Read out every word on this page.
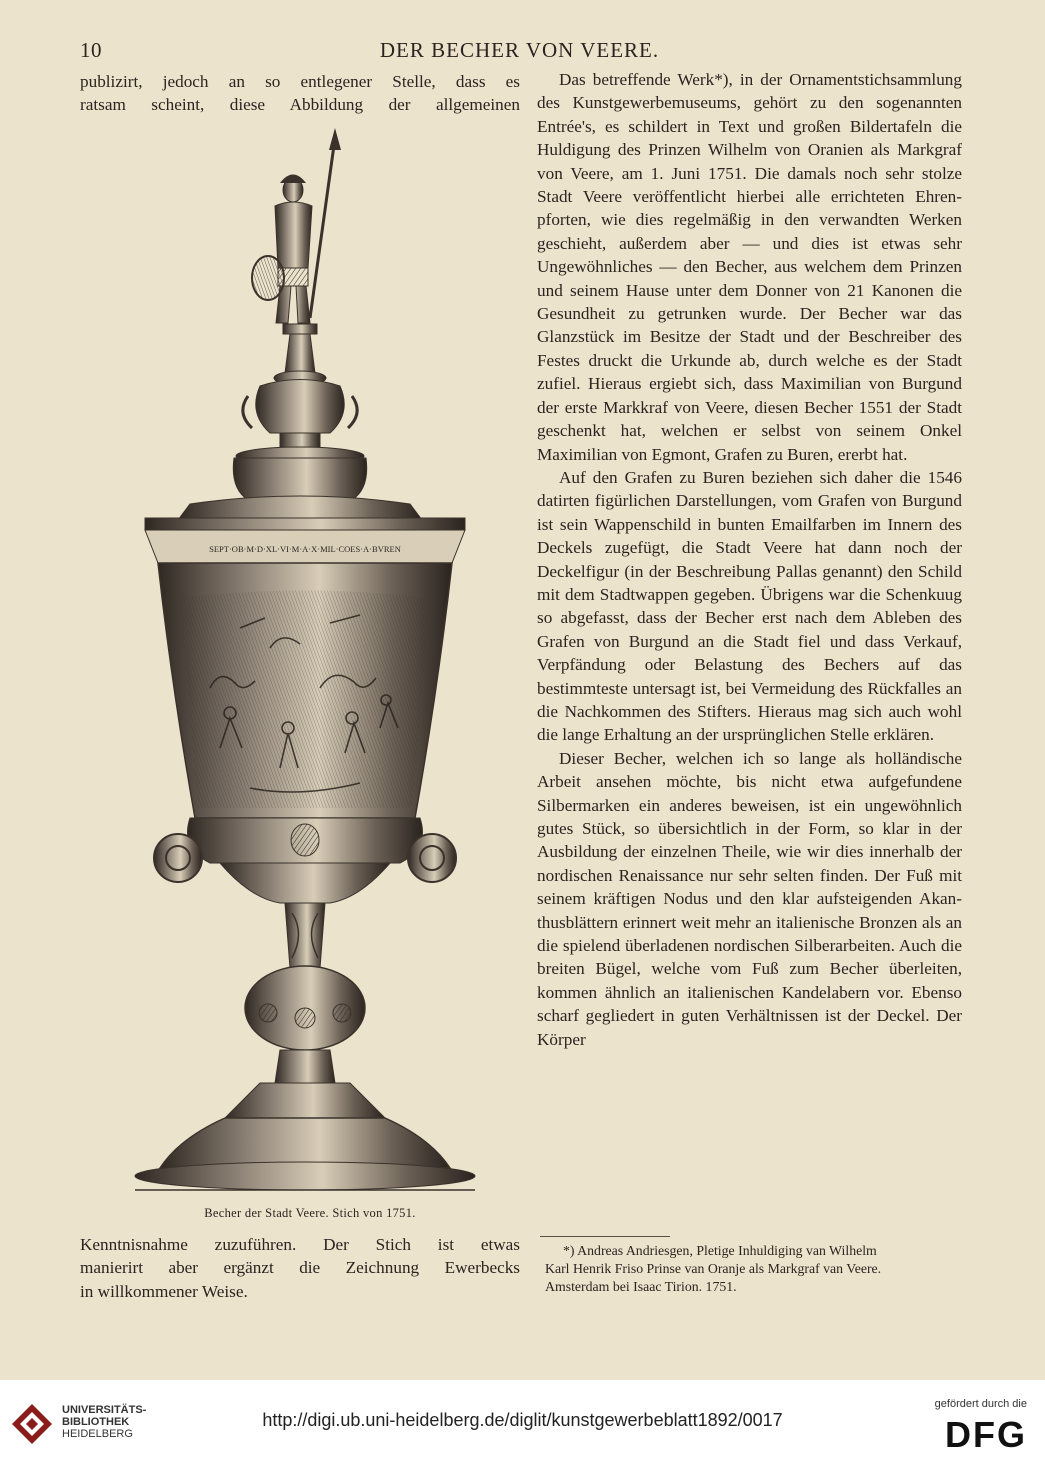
10	DER BECHER VON VEERE.

publizirt, jedoch an so entlegener Stelle, dass es

ratsam scheint, diese Abbildung der allgemeinen

SEPT·OB·M·D·XL·VI·M·A·X·MIL·COES·A·BVREN
Becher der Stadt Veere. Stich von 1751.

Kenntnisnahme zuzuführen. Der Stich ist etwas

manierirt aber ergänzt die Zeichnung Ewerbecks

in willkommener Weise.

Das betreffende Werk*), in der Ornamentstichsammlung des Kunstgewerbemuseums, gehört zu den sogenannten Entrée's, es schildert in Text und großen Bildertafeln die Huldigung des Prinzen Wilhelm von Oranien als Markgraf von Veere, am 1. Juni 1751. Die damals noch sehr stolze Stadt Veere veröffentlicht hierbei alle errichteten Ehrenpforten, wie dies regelmäßig in den verwandten Werken geschieht, außerdem aber — und dies ist etwas sehr Ungewöhnliches — den Becher, aus welchem dem Prinzen und seinem Hause unter dem Donner von 21 Kanonen die Gesundheit zu getrunken wurde. Der Becher war das Glanzstück im Besitze der Stadt und der Beschreiber des Festes druckt die Urkunde ab, durch welche es der Stadt zufiel. Hieraus ergiebt sich, dass Maximilian von Burgund der erste Markkraf von Veere, diesen Becher 1551 der Stadt geschenkt hat, welchen er selbst von seinem Onkel Maximilian von Egmont, Grafen zu Buren, ererbt hat.

Auf den Grafen zu Buren beziehen sich daher die 1546 datirten figürlichen Darstellungen, vom Grafen von Burgund ist sein Wappenschild in bunten Emailfarben im Innern des Deckels zugefügt, die Stadt Veere hat dann noch der Deckelfigur (in der Beschreibung Pallas genannt) den Schild mit dem Stadtwappen gegeben. Übrigens war die Schenkuug so abgefasst, dass der Becher erst nach dem Ableben des Grafen von Burgund an die Stadt fiel und dass Verkauf, Verpfändung oder Belastung des Bechers auf das bestimmteste untersagt ist, bei Vermeidung des Rückfalles an die Nachkommen des Stifters. Hieraus mag sich auch wohl die lange Erhaltung an der ursprünglichen Stelle erklären.

Dieser Becher, welchen ich so lange als holländische Arbeit ansehen möchte, bis nicht etwa aufgefundene Silbermarken ein anderes beweisen, ist ein ungewöhnlich gutes Stück, so übersichtlich in der Form, so klar in der Ausbildung der einzelnen Theile, wie wir dies innerhalb der nordischen Renaissance nur sehr selten finden. Der Fuß mit seinem kräftigen Nodus und den klar aufsteigenden Akanthusblättern erinnert weit mehr an italienische Bronzen als an die spielend überladenen nordischen Silberarbeiten. Auch die breiten Bügel, welche vom Fuß zum Becher überleiten, kommen ähnlich an italienischen Kandelabern vor. Ebenso scharf gegliedert in guten Verhältnissen ist der Deckel. Der Körper

*) Andreas Andriesgen, Pletige Inhuldiging van Wilhelm

Karl Henrik Friso Prinse van Oranje als Markgraf van Veere.

Amsterdam bei Isaac Tirion. 1751.

UNIVERSITÄTS-
BIBLIOTHEK
HEIDELBERG
http://digi.ub.uni-heidelberg.de/diglit/kunstgewerbeblatt1892/0017
gefördert durch die
DFG
